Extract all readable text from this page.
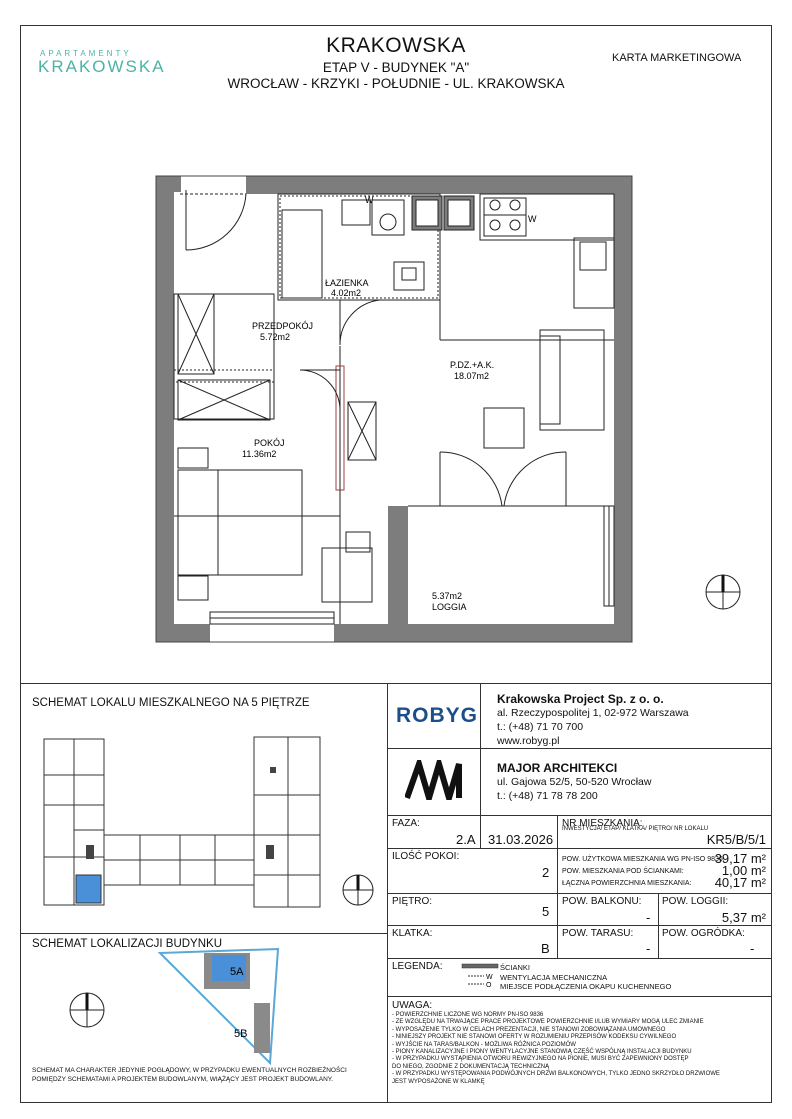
APARTAMENTY
KRAKOWSKA
KRAKOWSKA
ETAP V - BUDYNEK "A"
WROCŁAW - KRZYKI - POŁUDNIE - UL. KRAKOWSKA
KARTA MARKETINGOWA
W
W
ŁAZIENKA
4.02m2
PRZEDPOKÓJ
5.72m2
P.DZ.+A.K.
18.07m2
POKÓJ
11.36m2
5.37m2
LOGGIA
SCHEMAT LOKALU MIESZKALNEGO NA 5 PIĘTRZE
SCHEMAT LOKALIZACJI BUDYNKU
5A
5B
SCHEMAT MA CHARAKTER JEDYNIE POGLĄDOWY, W PRZYPADKU EWENTUALNYCH ROZBIEŻNOŚCI POMIĘDZY SCHEMATAMI A PROJEKTEM BUDOWLANYM, WIĄŻĄCY JEST PROJEKT BUDOWLANY.
ROBYG
Krakowska Project Sp. z o. o.
al. Rzeczypospolitej 1, 02-972 Warszawa
t.: (+48) 71 70 700
www.robyg.pl
MAJOR ARCHITEKCI
ul. Gajowa 52/5, 50-520 Wrocław
t.: (+48) 71 78 78 200
FAZA:
2.A 31.03.2026
NR MIESZKANIA:
INWESTYCJA/ ETAP/ KLATKA/ PIĘTRO/ NR LOKALU
KR5/B/5/1
ILOŚĆ POKOI:
2
POW. UŻYTKOWA MIESZKANIA WG PN-ISO 9836:
39,17 m²
POW. MIESZKANIA POD ŚCIANKAMI:	1,00 m²
ŁĄCZNA POWIERZCHNIA MIESZKANIA:	40,17 m²
PIĘTRO:
5
POW. BALKONU:
-
POW. LOGGII:
5,37 m²
KLATKA:
B
POW. TARASU:
-
POW. OGRÓDKA:
-
LEGENDA:
W
O
ŚCIANKI
WENTYLACJA MECHANICZNA
MIEJSCE PODŁĄCZENIA OKAPU KUCHENNEGO
UWAGA:
- POWIERZCHNIE LICZONE WG NORMY PN-ISO 9836
- ZE WZGLĘDU NA TRWAJĄCE PRACE PROJEKTOWE POWIERZCHNIE I/LUB WYMIARY MOGĄ ULEC ZMIANIE
- WYPOSAŻENIE TYLKO W CELACH PREZENTACJI, NIE STANOWI ZOBOWIĄZANIA UMOWNEGO
- NINIEJSZY PROJEKT NIE STANOWI OFERTY W ROZUMIENIU PRZEPISÓW KODEKSU CYWILNEGO
- WYJŚCIE NA TARAS/BALKON - MOŻLIWA RÓŻNICA POZIOMÓW
- PIONY KANALIZACYJNE I PIONY WENTYLACYJNE STANOWIĄ CZĘŚĆ WSPÓLNĄ INSTALACJI BUDYNKU
- W PRZYPADKU WYSTĄPIENIA OTWORU REWIZYJNEGO NA PIONIE, MUSI BYĆ ZAPEWNIONY DOSTĘP DO NIEGO, ZGODNIE Z DOKUMENTACJĄ TECHNICZNĄ
- W PRZYPADKU WYSTĘPOWANIA PODWÓJNYCH DRZWI BALKONOWYCH, TYLKO JEDNO SKRZYDŁO DRZWIOWE JEST WYPOSAŻONE W KLAMKĘ
